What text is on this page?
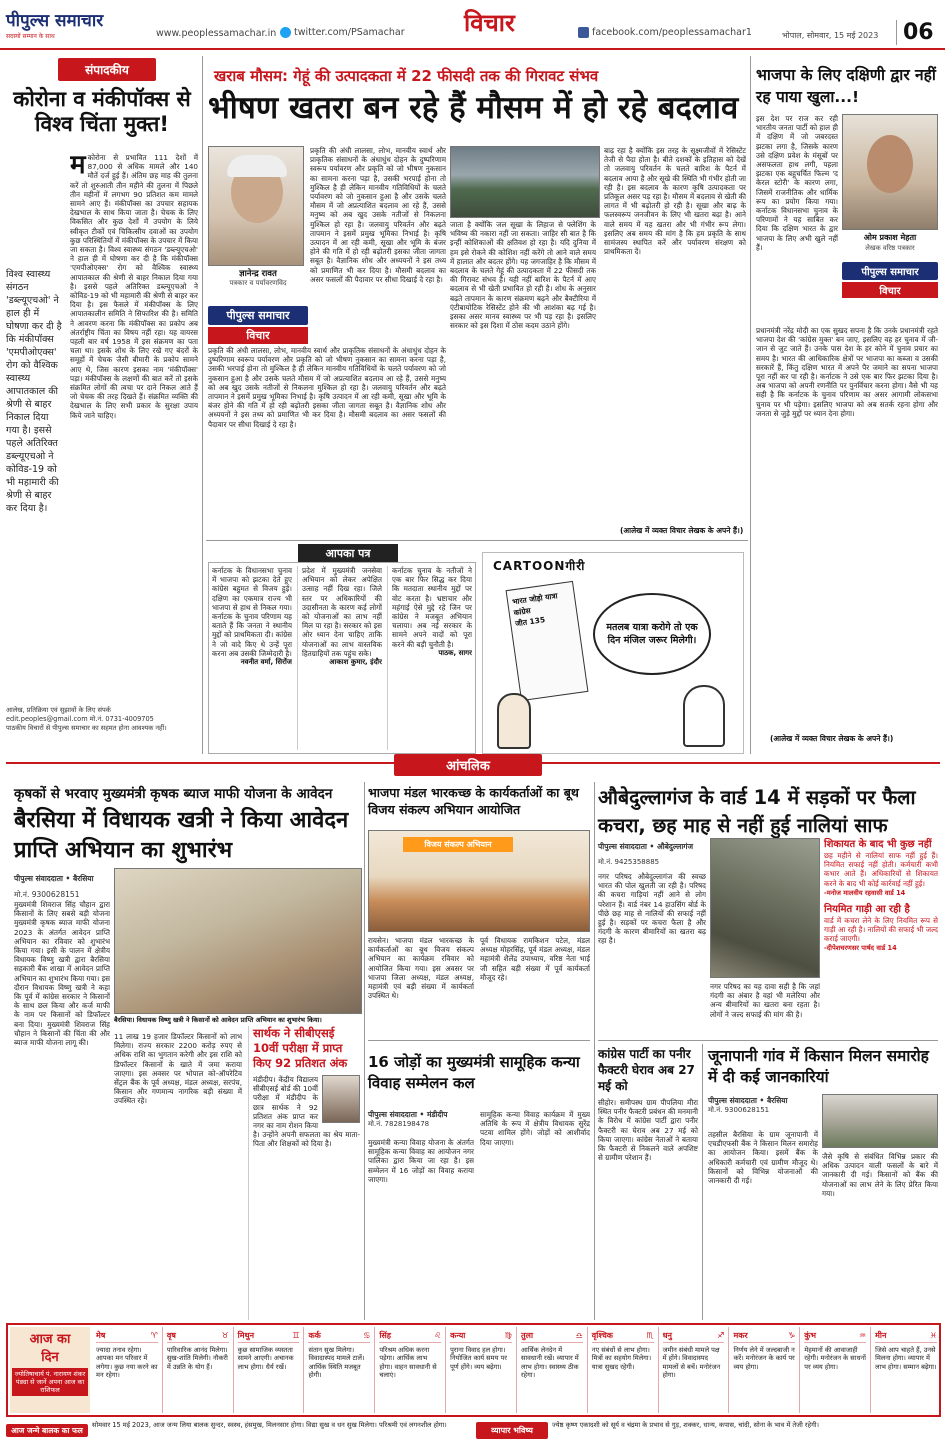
पीपुल्स समाचार
सदस्यों सम्मान के साथ	www.peoplessamachar.in twitter.com/PSamachar विचार	facebook.com/peoplessamachar1	भोपाल, सोमवार, 15 मई 2023	06
संपादकीय
कोरोना व मंकीपॉक्स से विश्व चिंता मुक्त!

मकोरोना से प्रभावित 111 देशों में 87,000 से अधिक मामले और 140 मौतें दर्ज हुई हैं। अंतिम छह माह की तुलना करें तो शुरुआती तीन महीने की तुलना में पिछले तीन महीनों में लगभग 90 प्रतिशत कम मामले सामने आए हैं। मंकीपॉक्स का उपचार सहायक देखभाल के साथ किया जाता है। चेचक के लिए विकसित और कुछ देशों में उपयोग के लिये स्वीकृत टीकों एवं चिकित्सीय दवाओं का उपयोग कुछ परिस्थितियों में मंकीपॉक्स के उपचार में किया जा सकता है। विश्व स्वास्थ्य संगठन 'डब्ल्यूएचओ' ने हाल ही में घोषणा कर दी है कि मंकीपॉक्स 'एमपीओएक्स' रोग को वैश्विक स्वास्थ्य आपातकाल की श्रेणी से बाहर निकाल दिया गया है। इससे पहले अतिरिक्त डब्ल्यूएचओ ने कोविड-19 को भी महामारी की श्रेणी से बाहर कर दिया है। इस फैसले में मंकीपॉक्स के लिए आपातकालीन समिति ने सिफारिश की है। समिति ने आवरण करना कि मंकीपॉक्स का प्रकोप अब अंतर्राष्ट्रीय चिंता का विषय नहीं रहा। यह वायरस पहली बार वर्ष 1958 में इस संक्रमण का पता चला था। इसके शोध के लिए रखे गए बंदरों के समूहों में चेचक जैसी बीमारी के प्रकोप सामने आए थे, जिस कारण इसका नाम 'मंकीपॉक्स' पड़ा। मंकीपॉक्स के लक्षणों की बात करें तो इसके संक्रमित लोगों की त्वचा पर दाने निकल आते हैं जो चेचक की तरह दिखते हैं। संक्रमित व्यक्ति की देखभाल के लिए सभी प्रकार के सुरक्षा उपाय किये जाने चाहिए।

विश्व स्वास्थ्य संगठन 'डब्ल्यूएचओ' ने हाल ही में घोषणा कर दी है कि मंकीपॉक्स 'एमपीओएक्स' रोग को वैश्विक स्वास्थ्य आपातकाल की श्रेणी से बाहर निकाल दिया गया है। इससे पहले अतिरिक्त डब्ल्यूएचओ ने कोविड-19 को भी महामारी की श्रेणी से बाहर कर दिया है।
आलेख, प्रतिक्रिया एवं सुझावों के लिए संपर्क
edit.peoples@gmail.com मो.नं. 0731-4009705
पाठकीय विचारों से पीपुल्स समाचार का सहमत होना आवश्यक नहीं।
खराब मौसम: गेहूं की उत्पादकता में 22 फीसदी तक की गिरावट संभव
भीषण खतरा बन रहे हैं मौसम में हो रहे बदलाव
ज्ञानेन्द्र रावत
पत्रकार व पर्यावरणविद
पीपुल्स समाचार
विचार

प्रकृति की अंधी लालसा, लोभ, मानवीय स्वार्थ और प्राकृतिक संसाधनों के अंधाधुंध दोहन के दुष्परिणाम स्वरूप पर्यावरण और प्रकृति को जो भीषण नुकसान का सामना करना पड़ा है, उसकी भरपाई होना तो मुश्किल है ही लेकिन मानवीय गतिविधियों के चलते पर्यावरण को जो नुकसान हुआ है और उसके चलते मौसम में जो अप्रत्याशित बदलाव आ रहे हैं, उससे मनुष्य को अब खुद उसके नतीजों से निकलना मुश्किल हो रहा है। जलवायु परिवर्तन और बढ़ते तापमान ने इसमें प्रमुख भूमिका निभाई है। कृषि उत्पादन में आ रही कमी, सूखा और भूमि के बंजर होने की गति में हो रही बढ़ोतरी इसका जीता जागता सबूत है। वैज्ञानिक शोध और अध्ययनों ने इस तथ्य को प्रमाणित भी कर दिया है। मौसमी बदलाव का असर फसलों की पैदावार पर सीधा दिखाई दे रहा है।

प्रकृति की अंधी लालसा, लोभ, मानवीय स्वार्थ और प्राकृतिक संसाधनों के अंधाधुंध दोहन के दुष्परिणाम स्वरूप पर्यावरण और प्रकृति को जो भीषण नुकसान का सामना करना पड़ा है, उसकी भरपाई होना तो मुश्किल है ही लेकिन मानवीय गतिविधियों के चलते पर्यावरण को जो नुकसान हुआ है और उसके चलते मौसम में जो अप्रत्याशित बदलाव आ रहे हैं, उससे मनुष्य को अब खुद उसके नतीजों से निकलना मुश्किल हो रहा है। जलवायु परिवर्तन और बढ़ते तापमान ने इसमें प्रमुख भूमिका निभाई है। कृषि उत्पादन में आ रही कमी, सूखा और भूमि के बंजर होने की गति में हो रही बढ़ोतरी इसका जीता जागता सबूत है। वैज्ञानिक शोध और अध्ययनों ने इस तथ्य को प्रमाणित भी कर दिया है। मौसमी बदलाव का असर फसलों की पैदावार पर सीधा दिखाई दे रहा है।

जाता है क्योंकि जल सूखा के लिहाज से फ्लेशिंग के भविष्य की नकारा नहीं जा सकता। जाहिर सी बात है कि इन्हीं कोशिकाओं की क्षतिवश हो रहा है। यदि दुनिया में हम इसे रोकने की कोशिश नहीं करेंगे तो आने वाले समय में हालात और बदतर होंगे। यह जगजाहिर है कि मौसम में बदलाव के चलते गेहूं की उत्पादकता में 22 फीसदी तक की गिरावट संभव है। यही नहीं बारिश के पैटर्न में आए बदलाव से भी खेती प्रभावित हो रही है। शोध के अनुसार बढ़ते तापमान के कारण संक्रमण बढ़ने और बैक्टीरिया में एंटीबायोटिक रेसिस्टेंट होने की भी आशंका बढ़ गई है। इसका असर मानव स्वास्थ्य पर भी पड़ रहा है। इसलिए सरकार को इस दिशा में ठोस कदम उठाने होंगे।

बाढ़ रहा है क्योंकि इस तरह के सूक्ष्मजीवों में रेसिस्टेंट तेजी से पैदा होता है। बीते दशकों के इतिहास को देखें तो जलवायु परिवर्तन के चलते बारिश के पैटर्न में बदलाव आया है और सूखे की स्थिति भी गंभीर होती जा रही है। इस बदलाव के कारण कृषि उत्पादकता पर प्रतिकूल असर पड़ रहा है। मौसम में बदलाव से खेती की लागत में भी बढ़ोतरी हो रही है। सूखा और बाढ़ के फलस्वरूप जनजीवन के लिए भी खतरा बढ़ा है। आने वाले समय में यह खतरा और भी गंभीर रूप लेगा। इसलिए अब समय की मांग है कि हम प्रकृति के साथ सामंजस्य स्थापित करें और पर्यावरण संरक्षण को प्राथमिकता दें।

(आलेख में व्यक्त विचार लेखक के अपने हैं।)
आपका पत्र

कर्नाटक के विधानसभा चुनाव में भाजपा को झटका देते हुए कांग्रेस बहुमत से विजय हुई। दक्षिण का एकमात्र राज्य भी भाजपा से हाथ से निकल गया। कर्नाटक के चुनाव परिणाम यह बताते हैं कि जनता ने स्थानीय मुद्दों को प्राथमिकता दी। कांग्रेस ने जो वादे किए थे उन्हें पूरा करना अब उसकी जिम्मेदारी है।

नवनीत वर्मा, सिरोंज

प्रदेश में मुख्यमंत्री जनसेवा अभियान को लेकर अपेक्षित उत्साह नहीं दिख रहा। जिले स्तर पर अधिकारियों की उदासीनता के कारण कई लोगों को योजनाओं का लाभ नहीं मिल पा रहा है। सरकार को इस ओर ध्यान देना चाहिए ताकि योजनाओं का लाभ वास्तविक हितग्राहियों तक पहुंच सके।

आकाश कुमार, इंदौर

कर्नाटक चुनाव के नतीजों ने एक बार फिर सिद्ध कर दिया कि मतदाता स्थानीय मुद्दों पर वोट करता है। भ्रष्टाचार और महंगाई ऐसे मुद्दे रहे जिन पर कांग्रेस ने मजबूत अभियान चलाया। अब नई सरकार के सामने अपने वादों को पूरा करने की बड़ी चुनौती है।

पाठक, सागर
CARTOONगीरी
भारत जोड़ो यात्रा
कांग्रेस
जीत 135	मतलब यात्रा करोगे तो एक दिन मंजिल जरूर मिलेगी।
भाजपा के लिए दक्षिणी द्वार नहीं रह पाया खुला...!

इस देश पर राज कर रही भारतीय जनता पार्टी को हाल ही में दक्षिण में जो जबरदस्त झटका लगा है, जिसके कारण उसे दक्षिण प्रवेश के मंसूबों पर असफलता हाथ लगी, पहला झटका एक बहुचर्चित फिल्म 'द केरल स्टोरी' के कारण लगा, जिसमें राजनीतिक और धार्मिक रूप का प्रयोग किया गया। कर्नाटक विधानसभा चुनाव के परिणामों ने यह साबित कर दिया कि दक्षिण भारत के द्वार भाजपा के लिए अभी खुले नहीं हैं।

ओम प्रकाश मेहता
लेखक वरिष्ठ पत्रकार
पीपुल्स समाचार
विचार

प्रधानमंत्री नरेंद्र मोदी का एक सुखद सपना है कि उनके प्रधानमंत्री रहते भाजपा देश की 'कांग्रेस मुक्त' बन जाए, इसलिए वह हर चुनाव में जी-जान से जुट जाते हैं। उनके पास देश के हर कोने में चुनाव प्रचार का समय है। भारत की आधिकारिक क्षेत्रों पर भाजपा का कब्जा व उसकी सरकारें हैं, किंतु दक्षिण भारत में अपने पैर जमाने का सपना भाजपा पूरा नहीं कर पा रही है। कर्नाटक ने उसे एक बार फिर झटका दिया है। अब भाजपा को अपनी रणनीति पर पुनर्विचार करना होगा। वैसे भी यह सही है कि कर्नाटक के चुनाव परिणाम का असर आगामी लोकसभा चुनाव पर भी पड़ेगा। इसलिए भाजपा को अब सतर्क रहना होगा और जनता से जुड़े मुद्दों पर ध्यान देना होगा।

(आलेख में व्यक्त विचार लेखक के अपने हैं।)
आंचलिक
कृषकों से भरवाए मुख्यमंत्री कृषक ब्याज माफी योजना के आवेदन
बैरसिया में विधायक खत्री ने किया आवेदन प्राप्ति अभियान का शुभारंभ
पीपुल्स संवाददाता • बैरसिया
मो.नं. 9300628151
बैरसिया। विधायक विष्णु खत्री ने किसानों को आवेदन प्राप्ति अभियान का शुभारंभ किया।

मुख्यमंत्री शिवराज सिंह चौहान द्वारा किसानों के लिए सबसे बड़ी योजना मुख्यमंत्री कृषक ब्याज माफी योजना 2023 के अंतर्गत आवेदन प्राप्ति अभियान का रविवार को शुभारंभ किया गया। इसी के पालन में क्षेत्रीय विधायक विष्णु खत्री द्वारा बैरसिया सहकारी बैंक शाखा में आवेदन प्राप्ति अभियान का शुभारंभ किया गया। इस दौरान विधायक विष्णु खत्री ने कहा कि पूर्व में कांग्रेस सरकार ने किसानों के साथ छल किया और कर्ज माफी के नाम पर किसानों को डिफॉल्टर बना दिया। मुख्यमंत्री शिवराज सिंह चौहान ने किसानों की चिंता की और ब्याज माफी योजना लागू की।

11 लाख 19 हजार डिफॉल्टर किसानों को लाभ मिलेगा। राज्य सरकार 2200 करोड़ रुपए से अधिक राशि का भुगतान करेगी और इस राशि को डिफॉल्टर किसानों के खाते में जमा कराया जाएगा। इस अवसर पर भोपाल को-ऑपरेटिव सेंट्रल बैंक के पूर्व अध्यक्ष, मंडल अध्यक्ष, सरपंच, किसान और गणमान्य नागरिक बड़ी संख्या में उपस्थित रहे।

सार्थक ने सीबीएसई 10वीं परीक्षा में प्राप्त किए 92 प्रतिशत अंक

मंडीदीप। केंद्रीय विद्यालय सीबीएसई बोर्ड की 10वीं परीक्षा में मंडीदीप के छात्र सार्थक ने 92 प्रतिशत अंक प्राप्त कर नगर का नाम रोशन किया है। उन्होंने अपनी सफलता का श्रेय माता-पिता और शिक्षकों को दिया है।

भाजपा मंडल भारकच्छ के कार्यकर्ताओं का बूथ विजय संकल्प अभियान आयोजित
विजय संकल्प अभियान

रायसेन। भाजपा मंडल भारकच्छ के कार्यकर्ताओं का बूथ विजय संकल्प अभियान का कार्यक्रम रविवार को आयोजित किया गया। इस अवसर पर भाजपा जिला अध्यक्ष, मंडल अध्यक्ष, महामंत्री एवं बड़ी संख्या में कार्यकर्ता उपस्थित थे।

पूर्व विधायक रामकिशन पटेल, मंडल अध्यक्ष मोहरसिंह, पूर्व मंडल अध्यक्ष, मंडल महामंत्री शैलेंद्र उपाध्याय, वरिष्ठ नेता भाई जी सहित बड़ी संख्या में पूर्व कार्यकर्ता मौजूद रहे।

16 जोड़ों का मुख्यमंत्री सामूहिक कन्या विवाह सम्मेलन कल
पीपुल्स संवाददाता • मंडीदीप
मो.नं. 7828198478

मुख्यमंत्री कन्या विवाह योजना के अंतर्गत सामूहिक कन्या विवाह का आयोजन नगर पालिका द्वारा किया जा रहा है। इस सम्मेलन में 16 जोड़ों का विवाह कराया जाएगा।

सामूहिक कन्या विवाह कार्यक्रम में मुख्य अतिथि के रूप में क्षेत्रीय विधायक सुरेंद्र पटवा शामिल होंगे। जोड़ों को आशीर्वाद दिया जाएगा।

औबेदुल्लागंज के वार्ड 14 में सड़कों पर फैला कचरा, छह माह से नहीं हुई नालियां साफ
पीपुल्स संवाददाता • औबेदुल्लागंज
मो.नं. 9425358885

नगर परिषद औबेदुल्लागंज की स्वच्छ भारत की पोल खुलती जा रही है। परिषद की कचरा गाड़ियां नहीं आने से लोग परेशान हैं। वार्ड नंबर 14 हाउसिंग बोर्ड के पीछे छह माह से नालियों की सफाई नहीं हुई है। सड़कों पर कचरा फैला है और गंदगी के कारण बीमारियों का खतरा बढ़ रहा है।

शिकायत के बाद भी कुछ नहीं

छह महीने से नालियां साफ नहीं हुई हैं। नियमित सफाई नहीं होती। कर्मचारी कभी कभार आते हैं। अधिकारियों से शिकायत करने के बाद भी कोई कार्रवाई नहीं हुई।

-मनोज मालवीय रहवासी वार्ड 14
नियमित गाड़ी आ रही है

वार्ड में कचरा लेने के लिए नियमित रूप से गाड़ी आ रही है। नालियों की सफाई भी जल्द कराई जाएगी।

-दीपेशचरणसर पार्षद वार्ड 14

नगर परिषद का यह दावा सही है कि जहां गंदगी का अंबार है वहां भी मलेरिया और अन्य बीमारियों का खतरा बना रहता है। लोगों ने जल्द सफाई की मांग की है।

कांग्रेस पार्टी का पनीर फैक्टरी घेराव अब 27 मई को

सीहोर। समीपस्थ ग्राम पीपलिया मीरा स्थित पनीर फैक्टरी प्रबंधन की मनमानी के विरोध में कांग्रेस पार्टी द्वारा पनीर फैक्टरी का घेराव अब 27 मई को किया जाएगा। कांग्रेस नेताओं ने बताया कि फैक्टरी से निकलने वाले अपशिष्ट से ग्रामीण परेशान हैं।

जूनापानी गांव में किसान मिलन समारोह में दी कई जानकारियां
पीपुल्स संवाददाता • बैरसिया
मो.नं. 9300628151

तहसील बैरसिया के ग्राम जूनापानी में एचडीएफसी बैंक ने किसान मिलन समारोह का आयोजन किया। इसमें बैंक के अधिकारी कर्मचारी एवं ग्रामीण मौजूद थे। किसानों को विभिन्न योजनाओं की जानकारी दी गई।

जैसे कृषि से संबंधित विभिन्न प्रकार की अधिक उत्पादन वाली फसलों के बारे में जानकारी दी गई। किसानों को बैंक की योजनाओं का लाभ लेने के लिए प्रेरित किया गया।

आज का
दिन
ज्योतिषाचार्य पं. नारायण शंकर पंड्या से जानें अपना आज का राशिफल
मेष	♈
ज्यादा तनाव रहेगा। आपका मन परिवार में लगेगा। कुछ नया करने का मन रहेगा।
वृष	♉
पारिवारिक आनंद मिलेगा। सुख-शांति मिलेगी। नौकरी में उन्नति के योग हैं।
मिथुन	♊
कुछ सामाजिक व्यस्तता सामने आएगी। अचानक लाभ होगा। धैर्य रखें।
कर्क	♋
संतान सुख मिलेगा। विवादास्पद मामले टालें। आर्थिक स्थिति मजबूत होगी।
सिंह	♌
परिश्रम अधिक करना पड़ेगा। आर्थिक लाभ होगा। वाहन सावधानी से चलाएं।
कन्या	♍
पुराना विवाद हल होगा। नियोजित कार्य समय पर पूर्ण होंगे। व्यय बढ़ेगा।
तुला	♎
आर्थिक लेनदेन में सावधानी रखें। व्यापार में लाभ होगा। स्वास्थ्य ठीक रहेगा।
वृश्चिक	♏
नए संबंधों से लाभ होगा। मित्रों का सहयोग मिलेगा। यात्रा सुखद रहेगी।
धनु	♐
जमीन संबंधी मामले पक्ष में होंगे। विवादास्पद मामलों से बचें। मनोरंजन होगा।
मकर	♑
निर्णय लेने में जल्दबाजी न करें। मनोरंजन के कार्य पर व्यय होगा।
कुंभ	♒
मेहमानों की आवाजाही रहेगी। मनोरंजन के साधनों पर व्यय होगा।
मीन	♓
जिसे आप चाहते हैं, उनसे मिलना होगा। व्यापार में लाभ होगा। सम्मान बढ़ेगा।
आज जन्मे बालक का फल
सोमवार 15 मई 2023, आज जन्म लिया बालक सुन्दर, स्वस्थ, हंसमुख, मिलनसार होगा। विद्या सुख व धन सुख मिलेगा। परिश्रमी एवं लगनशील होगा।
व्यापार भविष्य
ज्येष्ठ कृष्ण एकादशी को सूर्य व चंद्रमा के प्रभाव से गुड़, शक्कर, धान्य, कपास, चांदी, सोना के भाव में तेजी रहेगी।
